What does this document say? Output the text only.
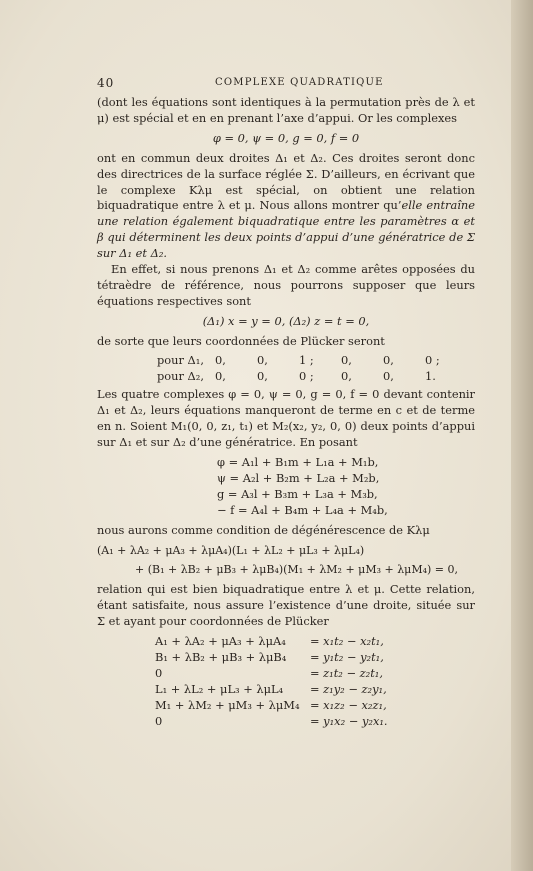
40	COMPLEXE QUADRATIQUE

(dont les équations sont identiques à la permutation près de λ et μ) est spécial et en en prenant l’axe d’appui. Or les complexes

φ = 0, ψ = 0, g = 0, f = 0

ont en commun deux droites Δ₁ et Δ₂. Ces droites seront donc des directrices de la surface réglée Σ. D’ailleurs, en écrivant que le complexe Kλμ est spécial, on obtient une relation biquadratique entre λ et μ. Nous allons montrer qu’elle entraîne une relation également biquadratique entre les paramètres α et β qui déterminent les deux points d’appui d’une génératrice de Σ sur Δ₁ et Δ₂.

En effet, si nous prenons Δ₁ et Δ₂ comme arêtes opposées du tétraèdre de référence, nous pourrons supposer que leurs équations respectives sont

(Δ₁) x = y = 0, (Δ₂) z = t = 0,

de sorte que leurs coordonnées de Plücker seront

pour Δ₁, 0,	0,	1 ;	0,	0,	0 ;
pour Δ₂, 0,	0,	0 ;	0,	0,	1.

Les quatre complexes φ = 0, ψ = 0, g = 0, f = 0 devant contenir Δ₁ et Δ₂, leurs équations manqueront de terme en c et de terme en n. Soient M₁(0, 0, z₁, t₁) et M₂(x₂, y₂, 0, 0) deux points d’appui sur Δ₁ et sur Δ₂ d’une génératrice. En posant

φ = A₁l + B₁m + L₁a + M₁b,
ψ = A₂l + B₂m + L₂a + M₂b,
g = A₃l + B₃m + L₃a + M₃b,
− f = A₄l + B₄m + L₄a + M₄b,

nous aurons comme condition de dégénérescence de Kλμ

(A₁ + λA₂ + μA₃ + λμA₄)(L₁ + λL₂ + μL₃ + λμL₄)
+ (B₁ + λB₂ + μB₃ + λμB₄)(M₁ + λM₂ + μM₃ + λμM₄) = 0,

relation qui est bien biquadratique entre λ et μ. Cette relation, étant satisfaite, nous assure l’existence d’une droite, située sur Σ et ayant pour coordonnées de Plücker

A₁ + λA₂ + μA₃ + λμA₄	= x₁t₂ − x₂t₁,
B₁ + λB₂ + μB₃ + λμB₄	= y₁t₂ − y₂t₁,
0	= z₁t₂ − z₂t₁,
L₁ + λL₂ + μL₃ + λμL₄	= z₁y₂ − z₂y₁,
M₁ + λM₂ + μM₃ + λμM₄ = x₁z₂ − x₂z₁,
0	= y₁x₂ − y₂x₁.
